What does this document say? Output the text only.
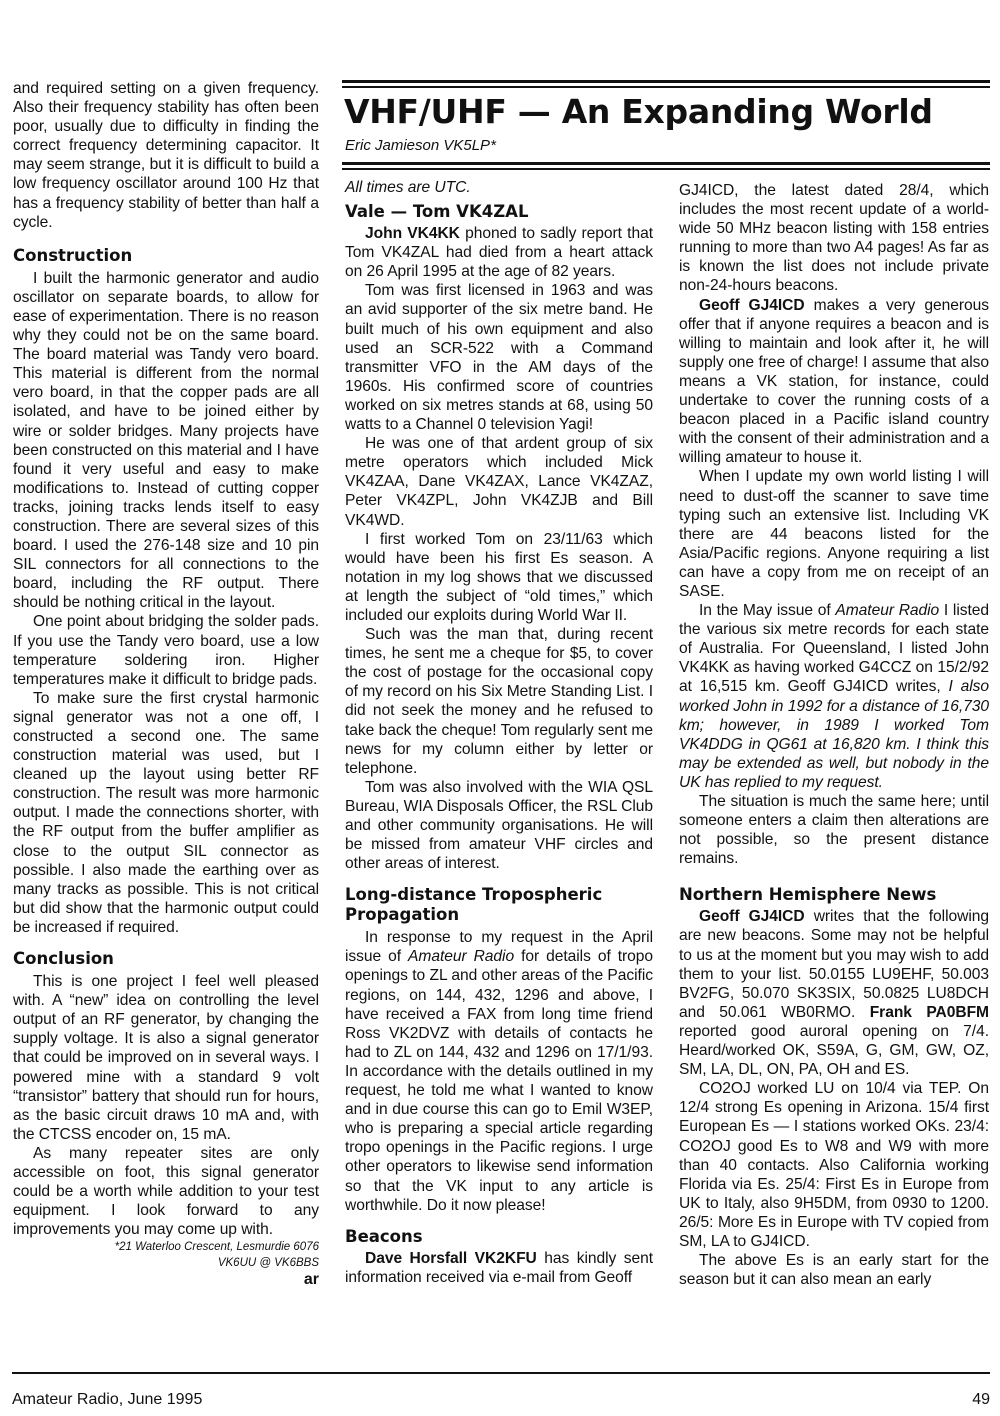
and required setting on a given frequency. Also their frequency stability has often been poor, usually due to difficulty in finding the correct frequency determining capacitor. It may seem strange, but it is difficult to build a low frequency oscillator around 100 Hz that has a frequency stability of better than half a cycle.

Construction

I built the harmonic generator and audio oscillator on separate boards, to allow for ease of experimentation. There is no reason why they could not be on the same board. The board material was Tandy vero board. This material is different from the normal vero board, in that the copper pads are all isolated, and have to be joined either by wire or solder bridges. Many projects have been constructed on this material and I have found it very useful and easy to make modifications to. Instead of cutting copper tracks, joining tracks lends itself to easy construction. There are several sizes of this board. I used the 276-148 size and 10 pin SIL connectors for all connections to the board, including the RF output. There should be nothing critical in the layout.

One point about bridging the solder pads. If you use the Tandy vero board, use a low temperature soldering iron. Higher temperatures make it difficult to bridge pads.

To make sure the first crystal harmonic signal generator was not a one off, I constructed a second one. The same construction material was used, but I cleaned up the layout using better RF construction. The result was more harmonic output. I made the connections shorter, with the RF output from the buffer amplifier as close to the output SIL connector as possible. I also made the earthing over as many tracks as possible. This is not critical but did show that the harmonic output could be increased if required.

Conclusion

This is one project I feel well pleased with. A “new” idea on controlling the level output of an RF generator, by changing the supply voltage. It is also a signal generator that could be improved on in several ways. I powered mine with a standard 9 volt “transistor” battery that should run for hours, as the basic circuit draws 10 mA and, with the CTCSS encoder on, 15 mA.

As many repeater sites are only accessible on foot, this signal generator could be a worth while addition to your test equipment. I look forward to any improvements you may come up with.

*21 Waterloo Crescent, Lesmurdie 6076

VK6UU @ VK6BBS

ar

VHF/UHF — An Expanding World

Eric Jamieson VK5LP*

All times are UTC.

Vale — Tom VK4ZAL

John VK4KK phoned to sadly report that Tom VK4ZAL had died from a heart attack on 26 April 1995 at the age of 82 years.

Tom was first licensed in 1963 and was an avid supporter of the six metre band. He built much of his own equipment and also used an SCR-522 with a Command transmitter VFO in the AM days of the 1960s. His confirmed score of countries worked on six metres stands at 68, using 50 watts to a Channel 0 television Yagi!

He was one of that ardent group of six metre operators which included Mick VK4ZAA, Dane VK4ZAX, Lance VK4ZAZ, Peter VK4ZPL, John VK4ZJB and Bill VK4WD.

I first worked Tom on 23/11/63 which would have been his first Es season. A notation in my log shows that we discussed at length the subject of “old times,” which included our exploits during World War II.

Such was the man that, during recent times, he sent me a cheque for $5, to cover the cost of postage for the occasional copy of my record on his Six Metre Standing List. I did not seek the money and he refused to take back the cheque! Tom regularly sent me news for my column either by letter or telephone.

Tom was also involved with the WIA QSL Bureau, WIA Disposals Officer, the RSL Club and other community organisations. He will be missed from amateur VHF circles and other areas of interest.

Long-distance Tropospheric
Propagation

In response to my request in the April issue of Amateur Radio for details of tropo openings to ZL and other areas of the Pacific regions, on 144, 432, 1296 and above, I have received a FAX from long time friend Ross VK2DVZ with details of contacts he had to ZL on 144, 432 and 1296 on 17/1/93. In accordance with the details outlined in my request, he told me what I wanted to know and in due course this can go to Emil W3EP, who is preparing a special article regarding tropo openings in the Pacific regions. I urge other operators to likewise send information so that the VK input to any article is worthwhile. Do it now please!

Beacons

Dave Horsfall VK2KFU has kindly sent information received via e-mail from Geoff

GJ4ICD, the latest dated 28/4, which includes the most recent update of a world-wide 50 MHz beacon listing with 158 entries running to more than two A4 pages! As far as is known the list does not include private non-24-hours beacons.

Geoff GJ4ICD makes a very generous offer that if anyone requires a beacon and is willing to maintain and look after it, he will supply one free of charge! I assume that also means a VK station, for instance, could undertake to cover the running costs of a beacon placed in a Pacific island country with the consent of their administration and a willing amateur to house it.

When I update my own world listing I will need to dust-off the scanner to save time typing such an extensive list. Including VK there are 44 beacons listed for the Asia/Pacific regions. Anyone requiring a list can have a copy from me on receipt of an SASE.

In the May issue of Amateur Radio I listed the various six metre records for each state of Australia. For Queensland, I listed John VK4KK as having worked G4CCZ on 15/2/92 at 16,515 km. Geoff GJ4ICD writes, I also worked John in 1992 for a distance of 16,730 km; however, in 1989 I worked Tom VK4DDG in QG61 at 16,820 km. I think this may be extended as well, but nobody in the UK has replied to my request.

The situation is much the same here; until someone enters a claim then alterations are not possible, so the present distance remains.

Northern Hemisphere News

Geoff GJ4ICD writes that the following are new beacons. Some may not be helpful to us at the moment but you may wish to add them to your list. 50.0155 LU9EHF, 50.003 BV2FG, 50.070 SK3SIX, 50.0825 LU8DCH and 50.061 WB0RMO. Frank PA0BFM reported good auroral opening on 7/4. Heard/worked OK, S59A, G, GM, GW, OZ, SM, LA, DL, ON, PA, OH and ES.

CO2OJ worked LU on 10/4 via TEP. On 12/4 strong Es opening in Arizona. 15/4 first European Es — I stations worked OKs. 23/4: CO2OJ good Es to W8 and W9 with more than 40 contacts. Also California working Florida via Es. 25/4: First Es in Europe from UK to Italy, also 9H5DM, from 0930 to 1200. 26/5: More Es in Europe with TV copied from SM, LA to GJ4ICD.

The above Es is an early start for the season but it can also mean an early

Amateur Radio, June 1995	49
